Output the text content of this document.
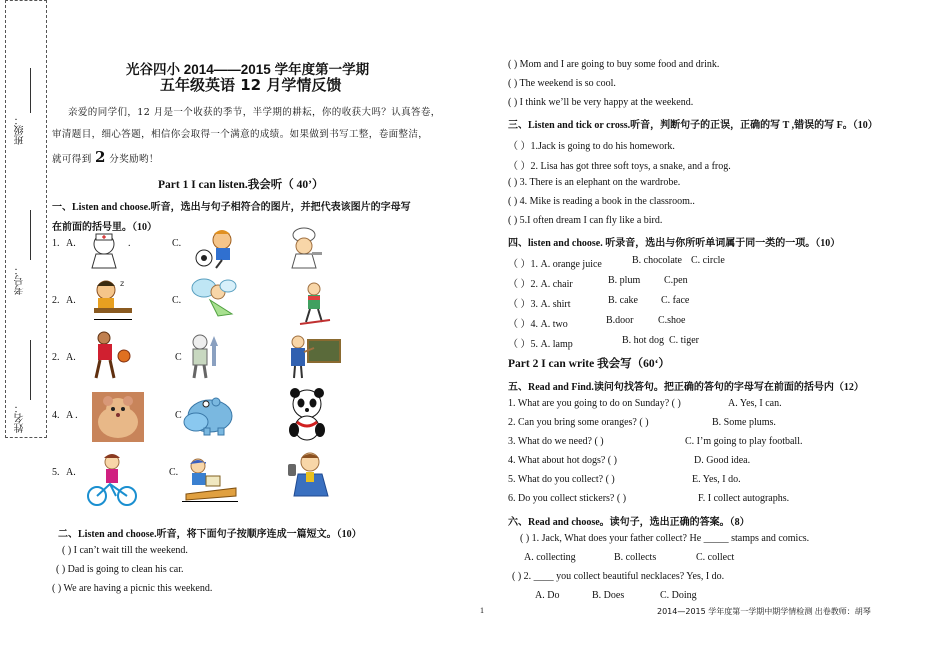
班级：
考号：
姓名：
光谷四小 2014——2015 学年度第一学期
五年级英语 12 月学情反馈
亲爱的同学们，12 月是一个收获的季节，半学期的耕耘，你的收获大吗？认真答卷，
审清题目，细心答题，相信你会取得一个满意的成绩。如果做到书写工整，卷面整洁，
就可得到 2 分奖励哟！
Part 1 I can listen.我会听（ 40’）
一、Listen and choose.听音，选出与句子相符合的图片，并把代表该图片的字母写
在前面的括号里。（10）
1. A.	.	C.
2. A.	C.
z
2. A.	C
4. A .	C
5. A.	C.
二、Listen and choose.听音，将下面句子按顺序连成一篇短文。（10）
( ) I can’t wait till the weekend.
( ) Dad is going to clean his car.
( ) We are having a picnic this weekend.
( ) Mom and I are going to buy some food and drink.
( ) The weekend is so cool.
( ) I think we’ll be very happy at the weekend.
三、Listen and tick or cross.听音，判断句子的正误，正确的写 T ,错误的写 F。（10）
（ ）1.Jack is going to do his homework.
（ ）2. Lisa has got three soft toys, a snake, and a frog.
( ) 3. There is an elephant on the wardrobe.
( ) 4. Mike is reading a book in the classroom..
( ) 5.I often dream I can fly like a bird.
四、listen and choose. 听录音，选出与你所听单词属于同一类的一项。（10）
（ ）1. A. orange juice	B. chocolate C. circle
（ ）2. A. chair	B. plum C.pen
（ ）3. A. shirt	B. cake C. face
（ ）4. A. two	B.door C.shoe
（ ）5. A. lamp	B. hot dog C. tiger
Part 2 I can write 我会写（60‘）
五、Read and Find.读问句找答句。把正确的答句的字母写在前面的括号内（12）
1. What are you going to do on Sunday? ( )	A. Yes, I can.
2. Can you bring some oranges? ( )	B. Some plums.
3. What do we need? ( )	C. I’m going to play football.
4. What about hot dogs? ( )	D. Good idea.
5. What do you collect? ( )	E. Yes, I do.
6. Do you collect stickers? ( )	F. I collect autographs.
六、Read and choose。读句子，选出正确的答案。（8）
( ) 1. Jack, What does your father collect? He _____ stamps and comics.
A. collecting	B. collects	C. collect
( ) 2. ____ you collect beautiful necklaces? Yes, I do.
A. Do	B. Does	C. Doing
1	2014—2015 学年度第一学期中期学情检测 出卷教师：胡琴
